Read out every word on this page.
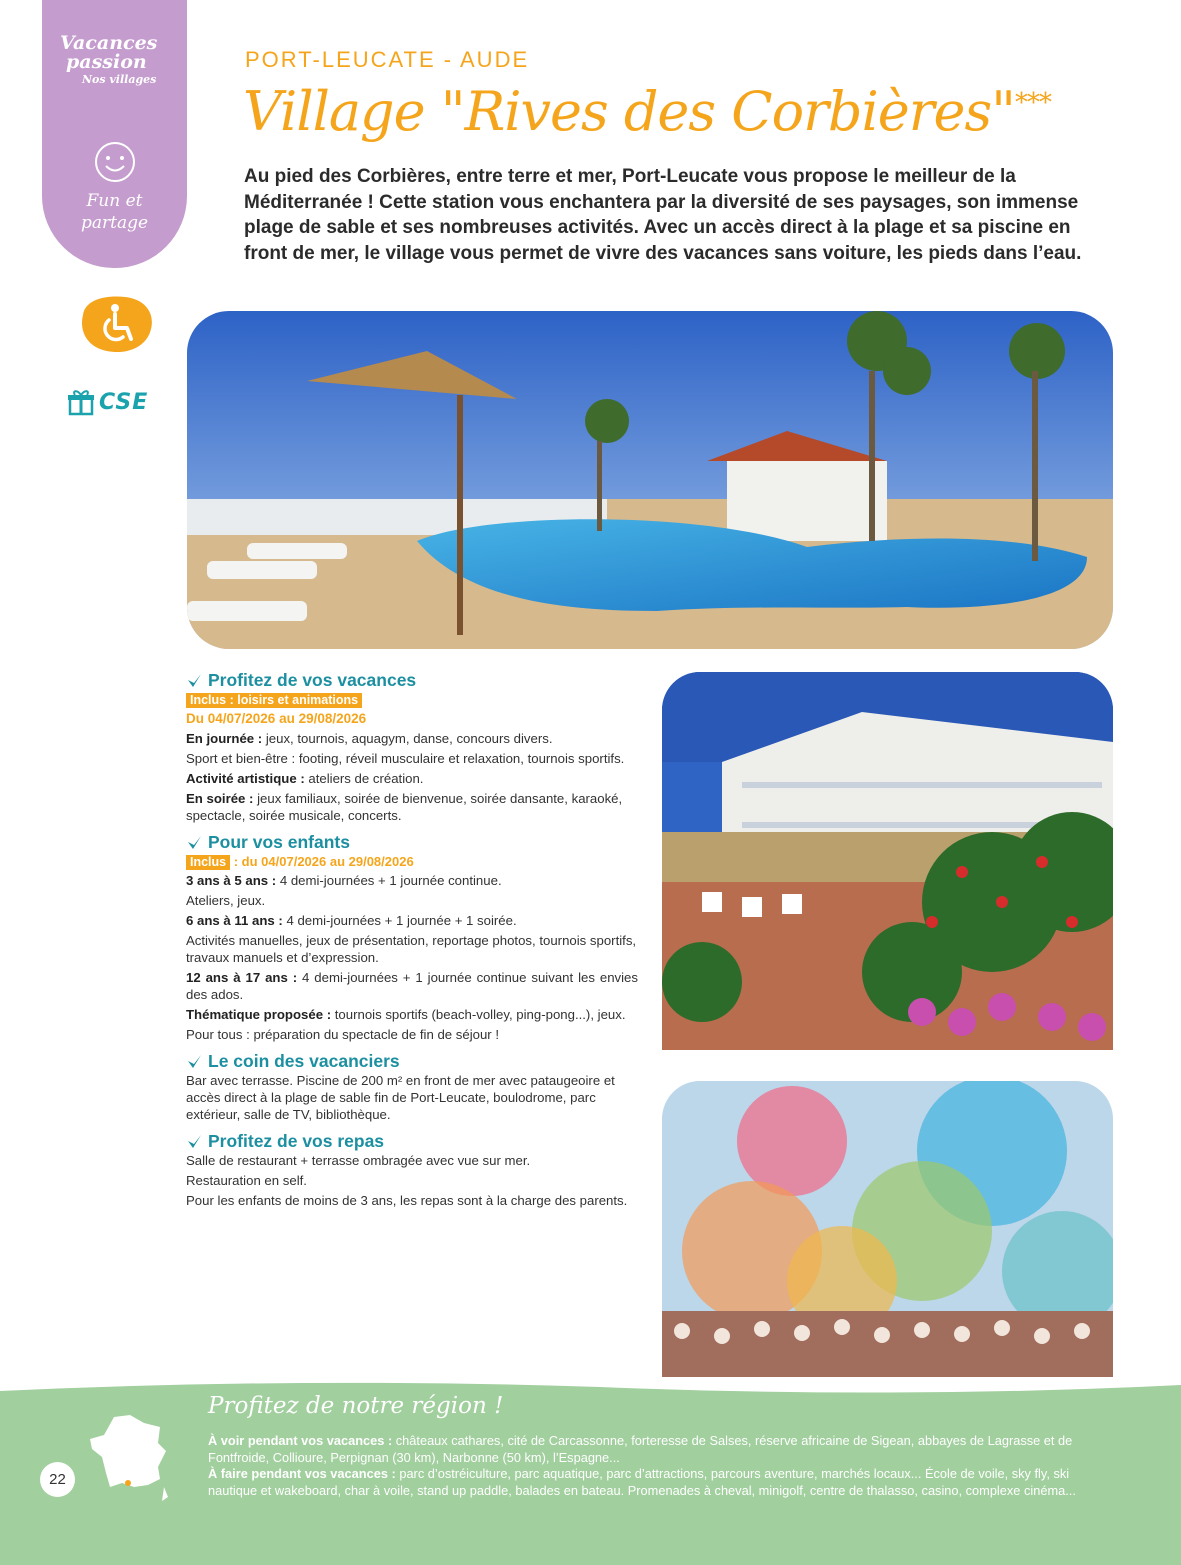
Vacances
passion
Nos villages
Fun et
partage
CSE
PORT-LEUCATE - AUDE
Village "Rives des Corbières"***
Au pied des Corbières, entre terre et mer, Port-Leucate vous propose le meilleur de la Méditerranée ! Cette station vous enchantera par la diversité de ses paysages, son immense plage de sable et ses nombreuses activités. Avec un accès direct à la plage et sa piscine en front de mer, le village vous permet de vivre des vacances sans voiture, les pieds dans l’eau.
Profitez de vos vacances
Inclus : loisirs et animations
Du 04/07/2026 au 29/08/2026

En journée : jeux, tournois, aquagym, danse, concours divers.

Sport et bien-être : footing, réveil musculaire et relaxation, tournois sportifs.

Activité artistique : ateliers de création.

En soirée : jeux familiaux, soirée de bienvenue, soirée dansante, karaoké, spectacle, soirée musicale, concerts.

Pour vos enfants
Inclus : du 04/07/2026 au 29/08/2026

3 ans à 5 ans : 4 demi-journées + 1 journée continue.

Ateliers, jeux.

6 ans à 11 ans : 4 demi-journées + 1 journée + 1 soirée.

Activités manuelles, jeux de présentation, reportage photos, tournois sportifs, travaux manuels et d’expression.

12 ans à 17 ans : 4 demi-journées + 1 journée continue suivant les envies des ados.

Thématique proposée : tournois sportifs (beach-volley, ping-pong...), jeux.

Pour tous : préparation du spectacle de fin de séjour !

Le coin des vacanciers

Bar avec terrasse. Piscine de 200 m² en front de mer avec pataugeoire et accès direct à la plage de sable fin de Port-Leucate, boulodrome, parc extérieur, salle de TV, bibliothèque.

Profitez de vos repas

Salle de restaurant + terrasse ombragée avec vue sur mer.

Restauration en self.

Pour les enfants de moins de 3 ans, les repas sont à la charge des parents.

Profitez de notre région !
À voir pendant vos vacances : châteaux cathares, cité de Carcassonne, forteresse de Salses, réserve africaine de Sigean, abbayes de Lagrasse et de Fontfroide, Collioure, Perpignan (30 km), Narbonne (50 km), l’Espagne...
À faire pendant vos vacances : parc d’ostréiculture, parc aquatique, parc d’attractions, parcours aventure, marchés locaux... École de voile, sky fly, ski nautique et wakeboard, char à voile, stand up paddle, balades en bateau. Promenades à cheval, minigolf, centre de thalasso, casino, complexe cinéma...
22
